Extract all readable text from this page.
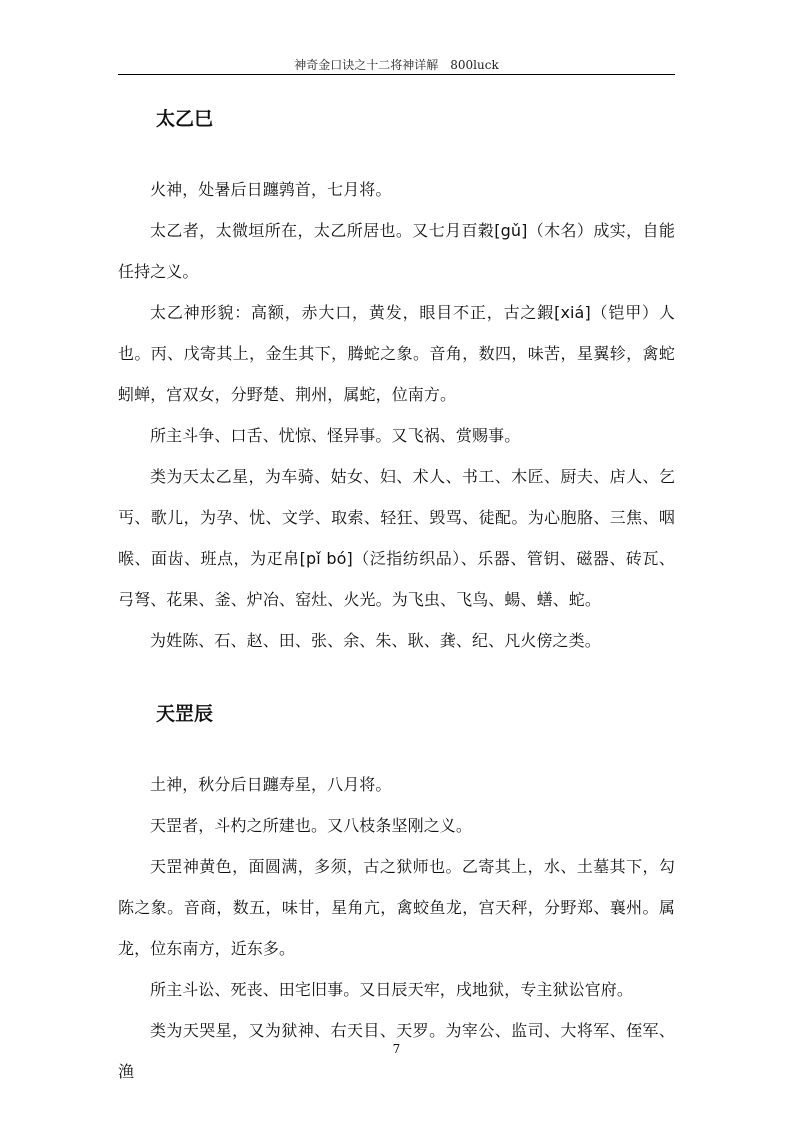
神奇金口诀之十二将神详解　800luck
太乙巳

火神，处暑后日躔鹑首，七月将。

太乙者，太微垣所在，太乙所居也。又七月百穀[gǔ]（木名）成实，自能任持之义。

太乙神形貌：高额，赤大口，黄发，眼目不正，古之鍜[xiá]（铠甲）人也。丙、戊寄其上，金生其下，腾蛇之象。音角，数四，味苦，星翼轸，禽蛇蚓蝉，宫双女，分野楚、荆州，属蛇，位南方。

所主斗争、口舌、忧惊、怪异事。又飞祸、赏赐事。

类为天太乙星，为车骑、姑女、妇、术人、书工、木匠、厨夫、店人、乞丐、歌儿，为孕、忧、文学、取索、轻狂、毁骂、徒配。为心胞胳、三焦、咽喉、面齿、班点，为疋帛[pǐ bó]（泛指纺织品）、乐器、管钥、磁器、砖瓦、弓弩、花果、釜、炉冶、窑灶、火光。为飞虫、飞鸟、蝪、蟮、蛇。

为姓陈、石、赵、田、张、余、朱、耿、龚、纪、凡火傍之类。

天罡辰

土神，秋分后日躔寿星，八月将。

天罡者，斗杓之所建也。又八枝条坚刚之义。

天罡神黄色，面圆满，多须，古之狱师也。乙寄其上，水、土墓其下，勾陈之象。音商，数五，味甘，星角亢，禽蛟鱼龙，宫天秤，分野郑、襄州。属龙，位东南方，近东多。

所主斗讼、死丧、田宅旧事。又日辰天牢，戌地狱，专主狱讼官府。

类为天哭星，又为狱神、右天目、天罗。为宰公、监司、大将军、侄军、渔

7
